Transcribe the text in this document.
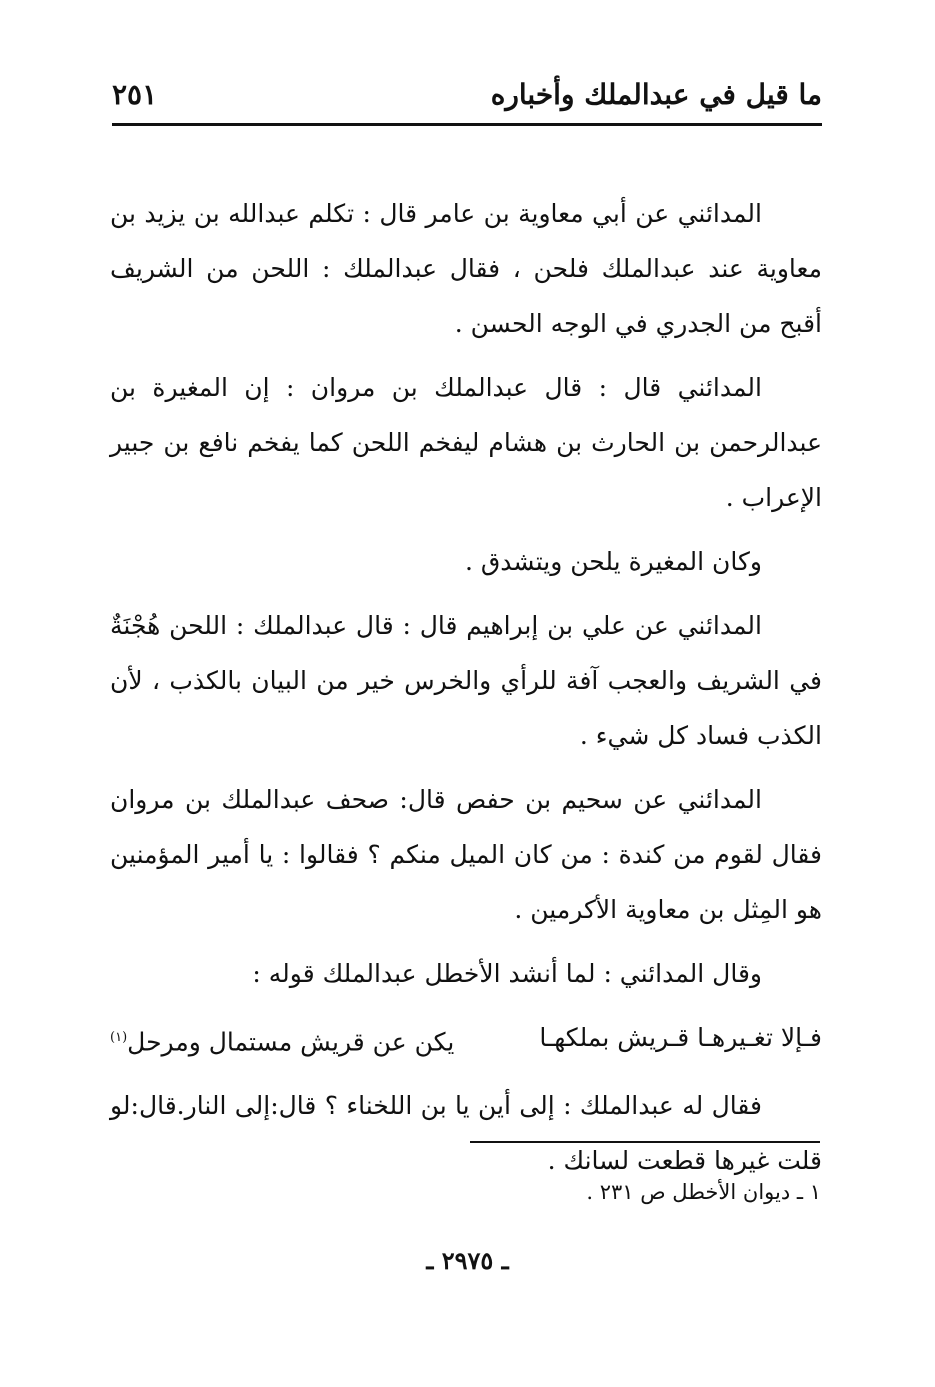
ما قيل في عبدالملك وأخباره
٢٥١

المدائني عن أبي معاوية بن عامر قال : تكلم عبدالله بن يزيد بن معاوية عند عبدالملك فلحن ، فقال عبدالملك : اللحن من الشريف أقبح من الجدري في الوجه الحسن .

المدائني قال : قال عبدالملك بن مروان : إن المغيرة بن عبدالرحمن بن الحارث بن هشام ليفخم اللحن كما يفخم نافع بن جبير الإعراب .

وكان المغيرة يلحن ويتشدق .

المدائني عن علي بن إبراهيم قال : قال عبدالملك : اللحن هُجْنَةٌ في الشريف والعجب آفة للرأي والخرس خير من البيان بالكذب ، لأن الكذب فساد كل شيء .

المدائني عن سحيم بن حفص قال: صحف عبدالملك بن مروان فقال لقوم من كندة : من كان الميل منكم ؟ فقالوا : يا أمير المؤمنين هو المِثل بن معاوية الأكرمين .

وقال المدائني : لما أنشد الأخطل عبدالملك قوله :

فـإلا تغـيرهـا قـريش بملكهـا
يكن عن قريش مستمال ومرحل$^{(١)}$

فقال له عبدالملك : إلى أين يا بن اللخناء ؟ قال:إلى النار.قال:لو قلت غيرها قطعت لسانك .

١ ـ ديوان الأخطل ص ٢٣١ .
ـ ٢٩٧٥ ـ
